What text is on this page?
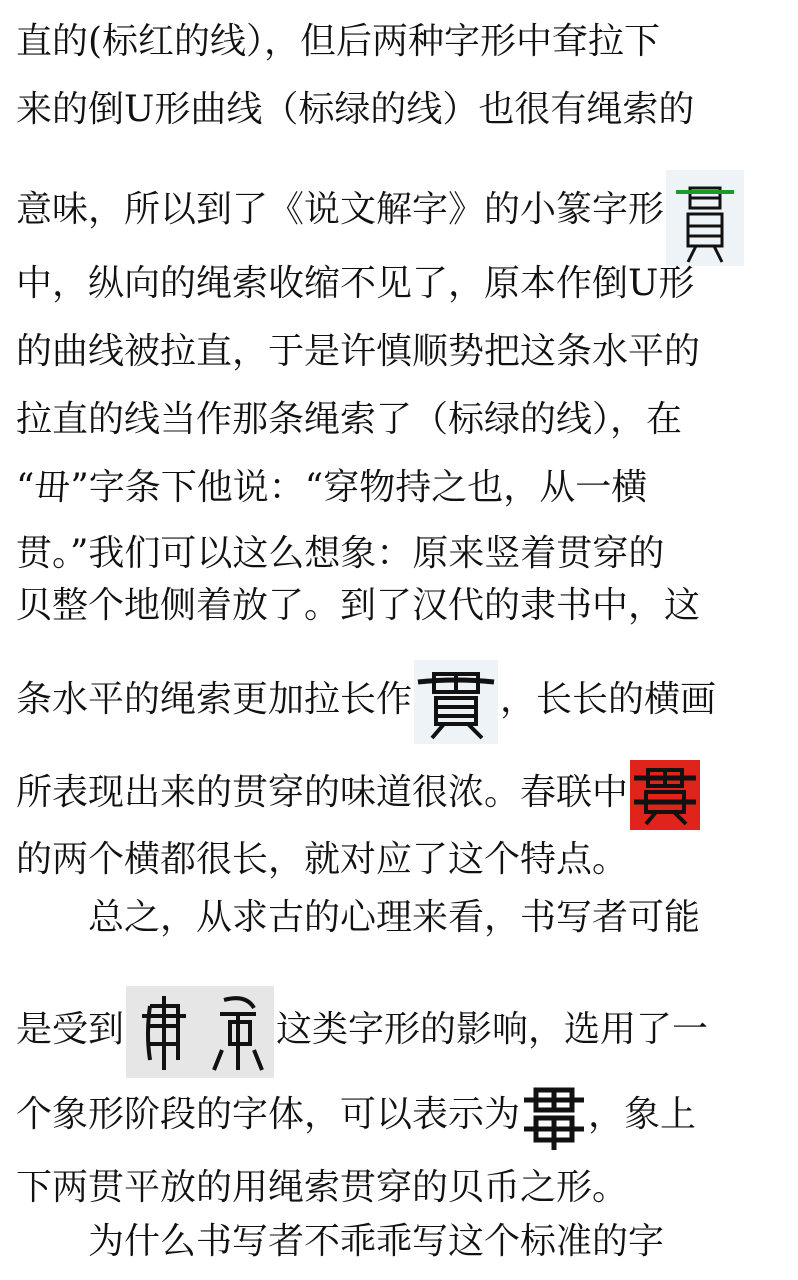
直的(标红的线），但后两种字形中耷拉下
来的倒U形曲线（标绿的线）也很有绳索的
意味，所以到了《说文解字》的小篆字形
中，纵向的绳索收缩不见了，原本作倒U形
的曲线被拉直，于是许慎顺势把这条水平的
拉直的线当作那条绳索了（标绿的线），在
“毌”字条下他说：“穿物持之也，从一横
贯。”我们可以这么想象：原来竖着贯穿的
贝整个地侧着放了。到了汉代的隶书中，这
条水平的绳索更加拉长作 ，长长的横画
所表现出来的贯穿的味道很浓。春联中
的两个横都很长，就对应了这个特点。
总之，从求古的心理来看，书写者可能
是受到	这类字形的影响，选用了一
个象形阶段的字体，可以表示为 ，象上
下两贯平放的用绳索贯穿的贝币之形。
为什么书写者不乖乖写这个标准的字
